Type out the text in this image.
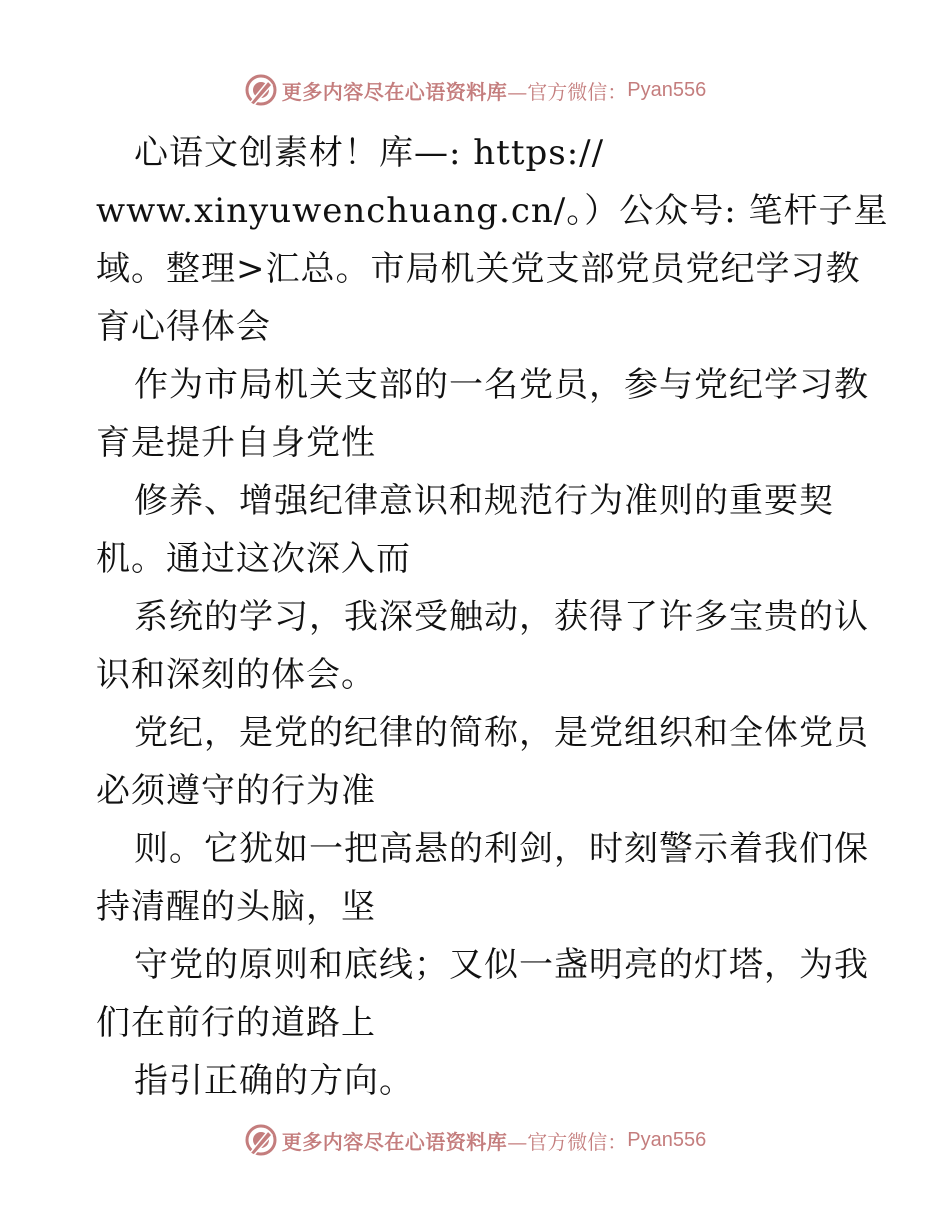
更多内容尽在心语资料库 —官方微信： Pyan556
心语文创素材！库—: https://
www.xinyuwenchuang.cn/。）公众号: 笔杆子星
域。整理>汇总。市局机关党支部党员党纪学习教
育心得体会
作为市局机关支部的一名党员，参与党纪学习教
育是提升自身党性
修养、增强纪律意识和规范行为准则的重要契
机。通过这次深入而
系统的学习，我深受触动，获得了许多宝贵的认
识和深刻的体会。
党纪，是党的纪律的简称，是党组织和全体党员
必须遵守的行为准
则。它犹如一把高悬的利剑，时刻警示着我们保
持清醒的头脑，坚
守党的原则和底线；又似一盏明亮的灯塔，为我
们在前行的道路上
指引正确的方向。
更多内容尽在心语资料库 —官方微信： Pyan556
